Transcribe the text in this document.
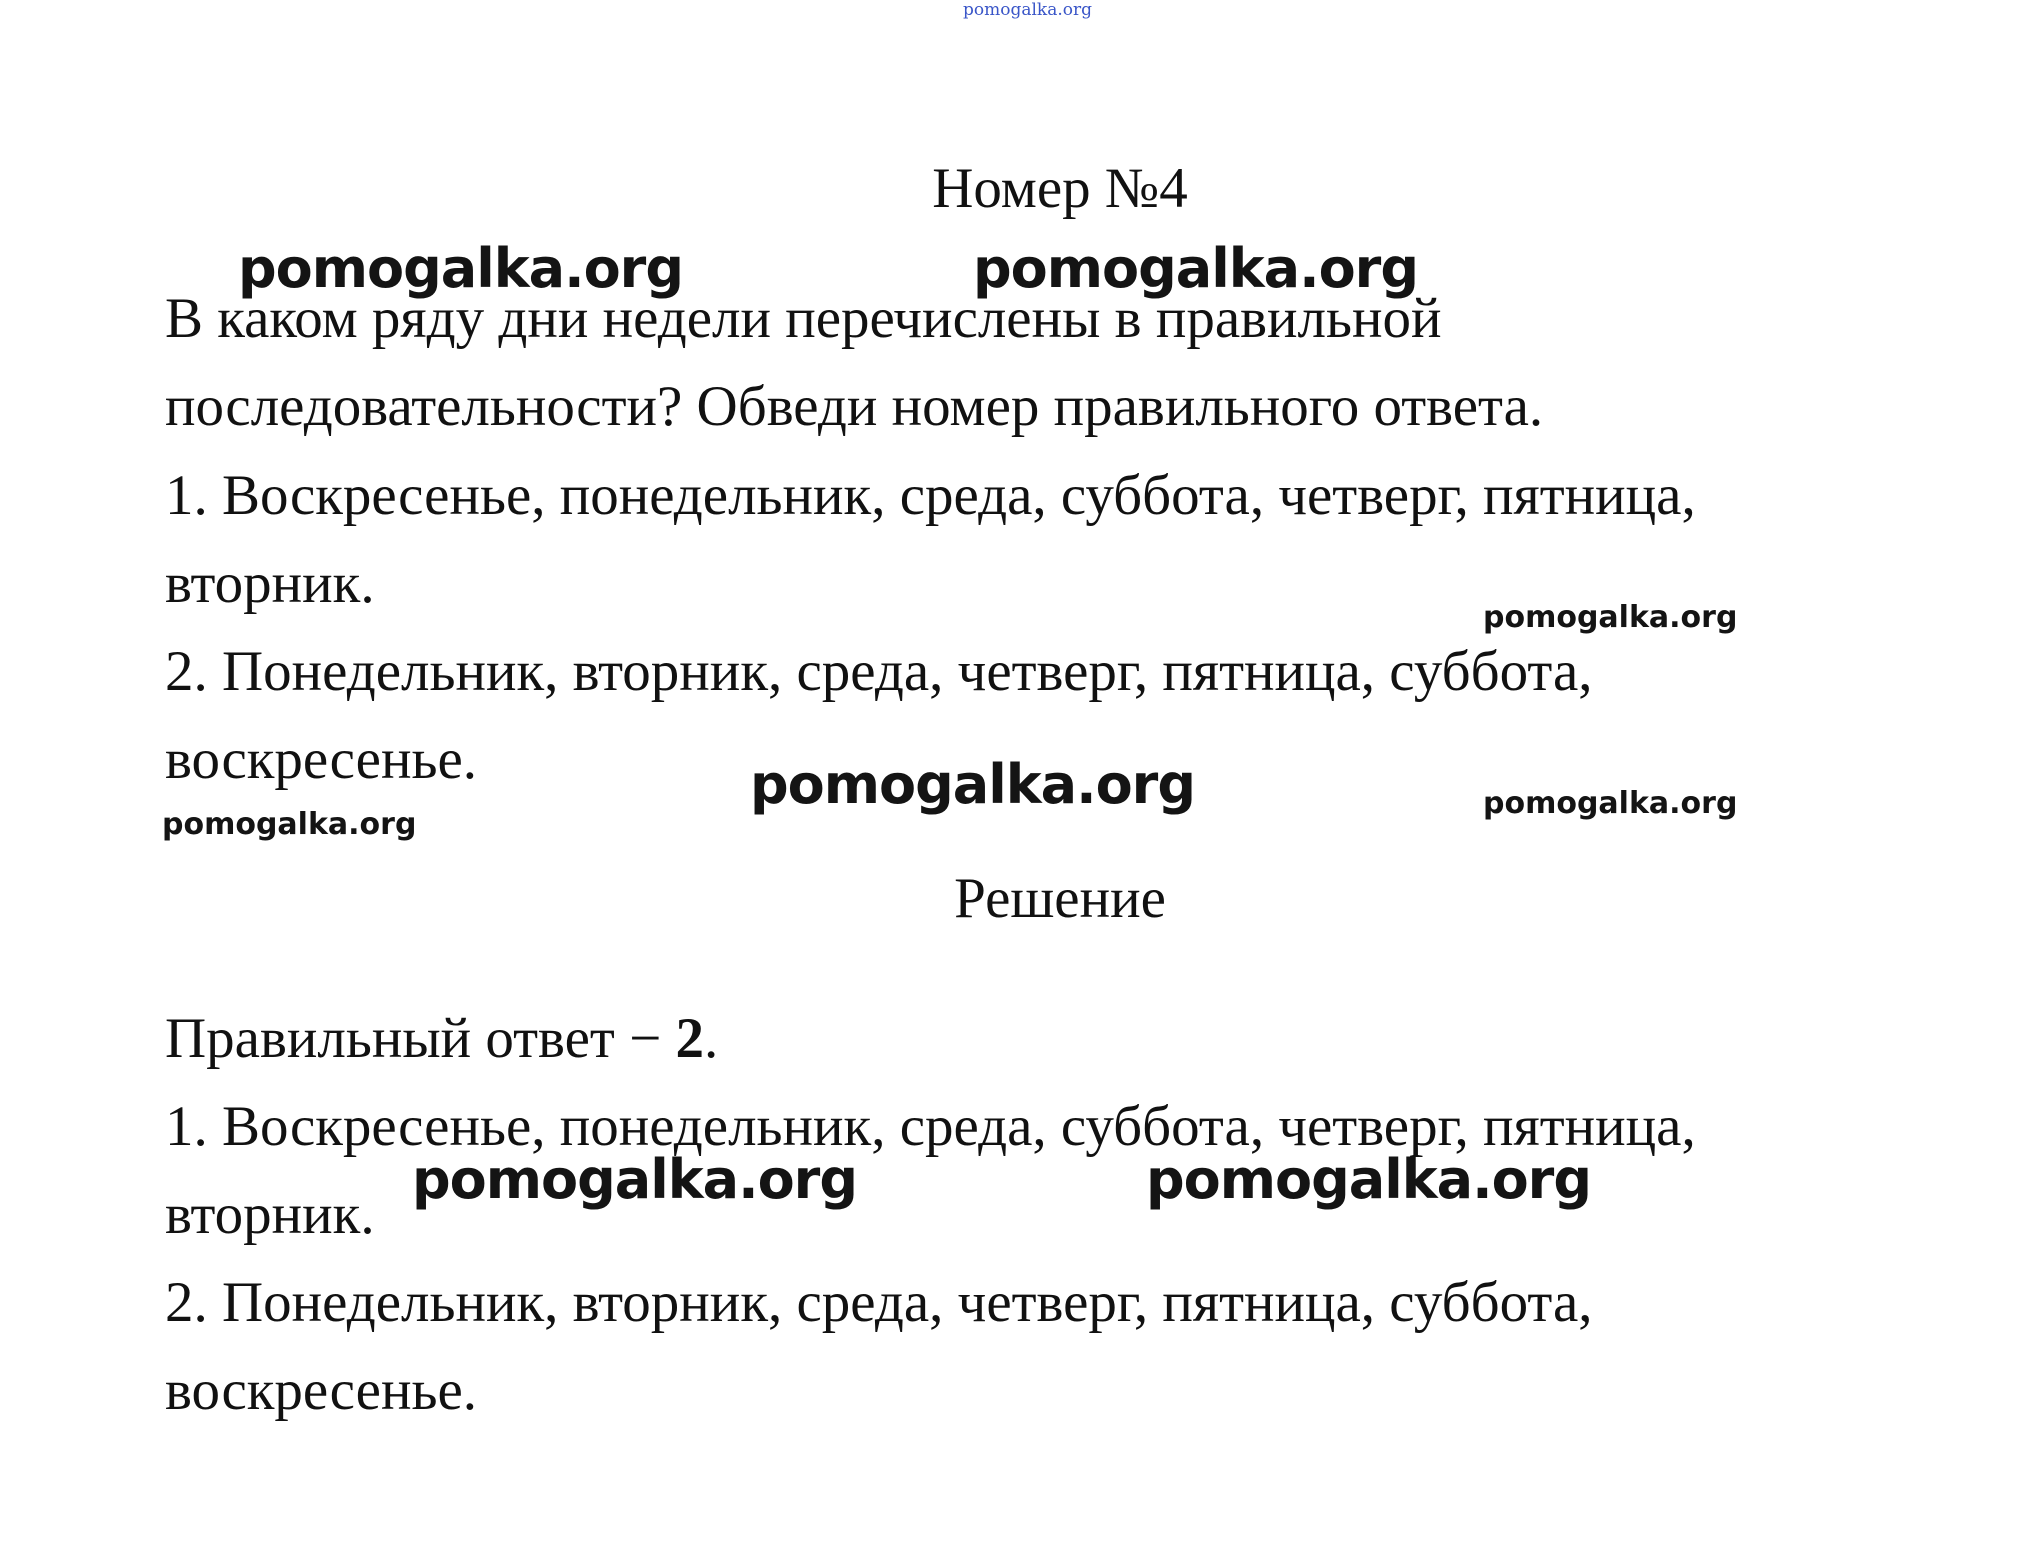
pomogalka.org
Номер №4
В каком ряду дни недели перечислены в правильной
последовательности? Обведи номер правильного ответа.
1. Воскресенье, понедельник, среда, суббота, четверг, пятница,
вторник.
2. Понедельник, вторник, среда, четверг, пятница, суббота,
воскресенье.
Решение
Правильный ответ − 2.
1. Воскресенье, понедельник, среда, суббота, четверг, пятница,
вторник.
2. Понедельник, вторник, среда, четверг, пятница, суббота,
воскресенье.
pomogalka.org	pomogalka.org
pomogalka.org
pomogalka.org
pomogalka.org
pomogalka.org
pomogalka.org	pomogalka.org
